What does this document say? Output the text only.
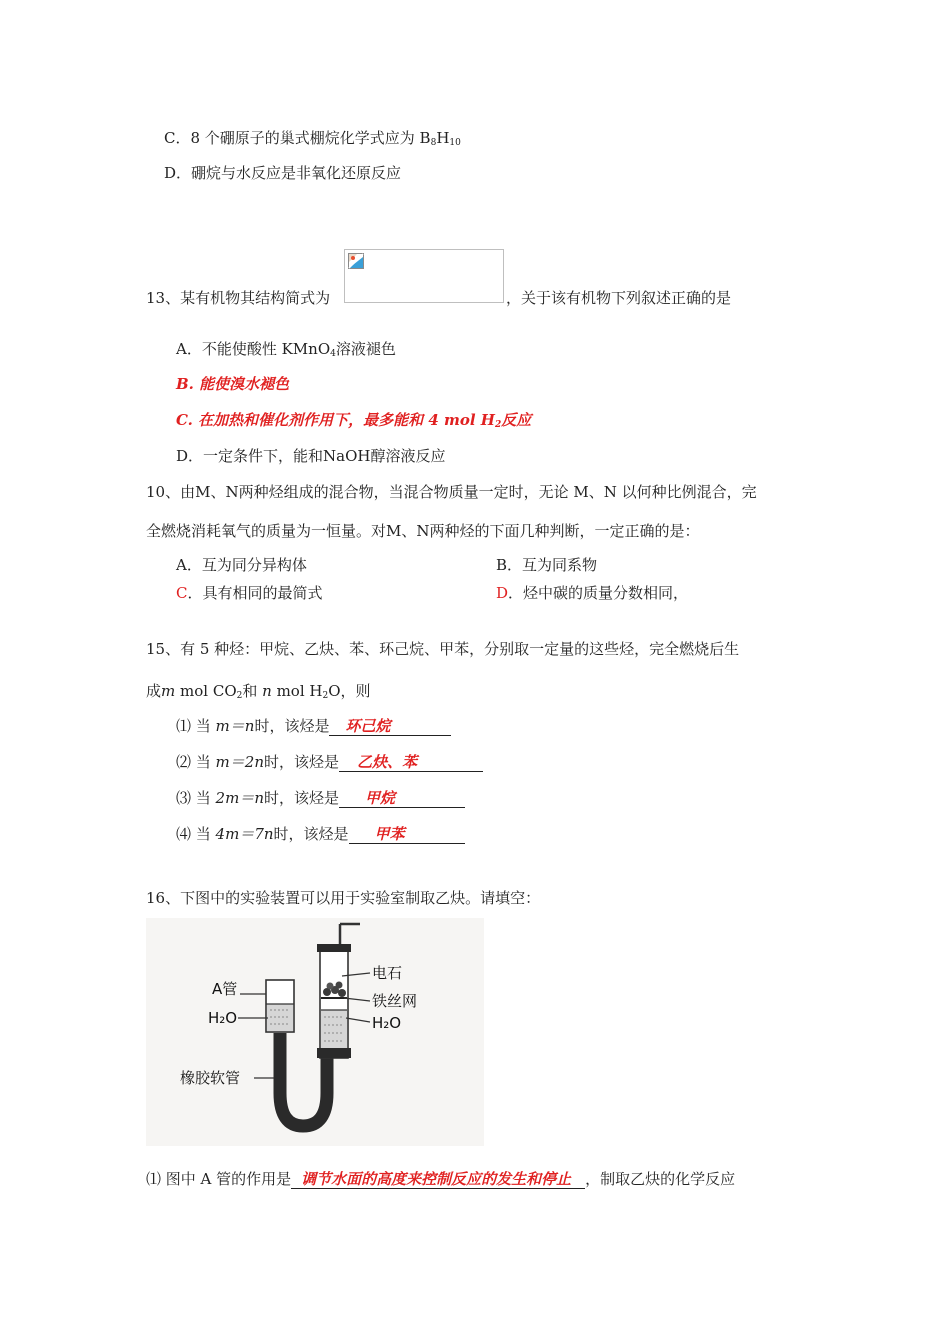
C．8 个硼原子的巢式棚烷化学式应为 $B_8H_{10}$
D．硼烷与水反应是非氧化还原反应
13、某有机物其结构简式为	，关于该有机物下列叙述正确的是
A．不能使酸性 KMnO$_4$溶液褪色
B. 能使溴水褪色
C. 在加热和催化剂作用下，最多能和 4 mol $H_2$反应
D．一定条件下，能和NaOH醇溶液反应
10、由M、N两种烃组成的混合物，当混合物质量一定时，无论 M、N 以何种比例混合，完
全燃烧消耗氧气的质量为一恒量。对M、N两种烃的下面几种判断，一定正确的是：
A．互为同分异构体	B．互为同系物
C．具有相同的最简式	D．烃中碳的质量分数相同，
15、有 5 种烃：甲烷、乙炔、苯、环己烷、甲苯，分别取一定量的这些烃，完全燃烧后生
成m mol $CO_2$和 n mol $H_2O$，则
⑴ 当 m＝n时，该烃是 环己烷
⑵ 当 m＝2n时，该烃是 乙炔、苯
⑶ 当 2m＝n时，该烃是 甲烷
⑷ 当 4m＝7n时，该烃是 甲苯
16、下图中的实验装置可以用于实验室制取乙炔。请填空：
A管
H₂O
橡胶软管
电石
铁丝网
H₂O
⑴ 图中 A 管的作用是 调节水面的高度来控制反应的发生和停止 ，制取乙炔的化学反应
